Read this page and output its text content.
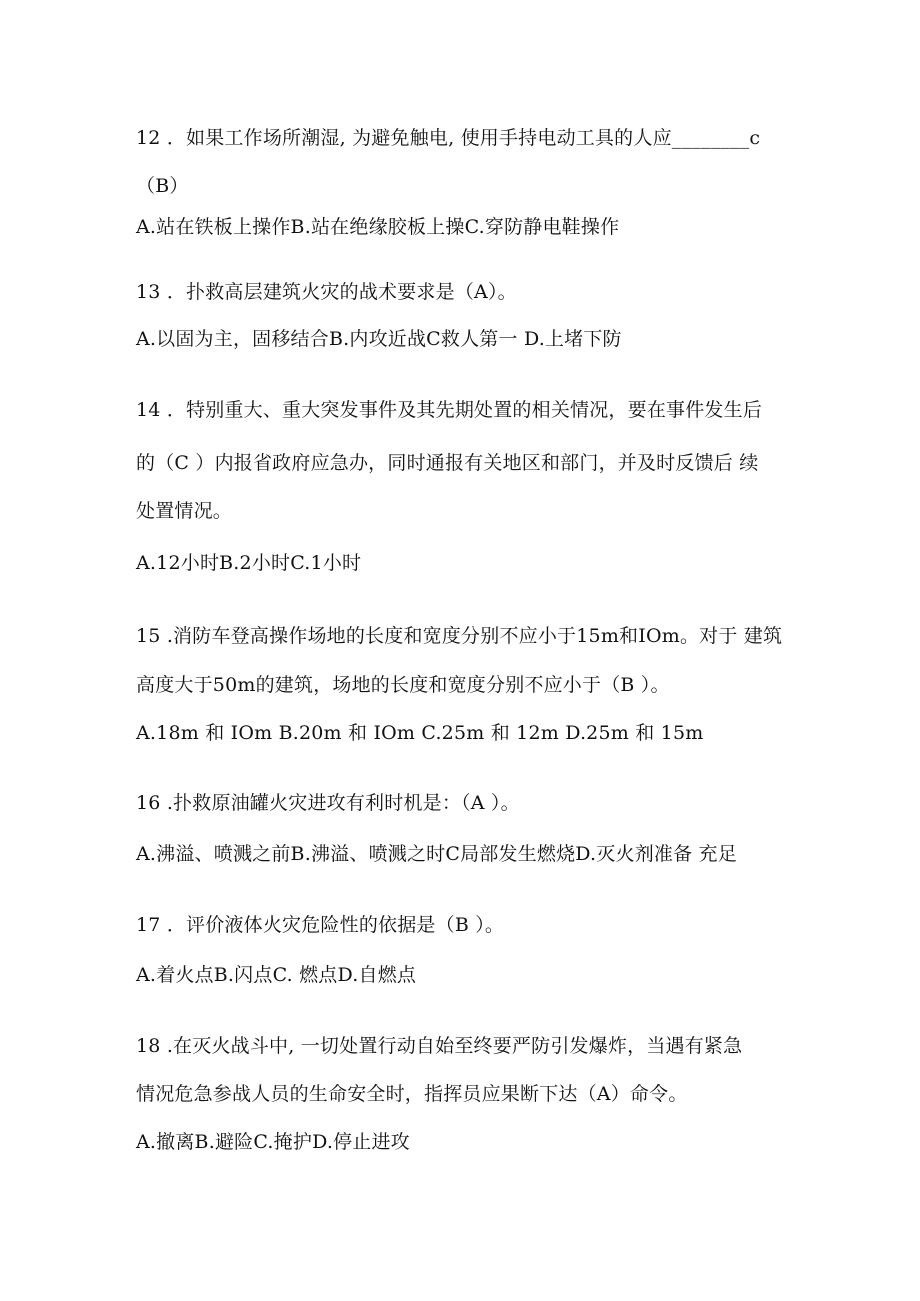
12 ．如果工作场所潮湿, 为避免触电, 使用手持电动工具的人应________c
（B）
A.站在铁板上操作B.站在绝缘胶板上操C.穿防静电鞋操作
13 ．扑救高层建筑火灾的战术要求是（A）。
A.以固为主，固移结合B.内攻近战C救人第一 D.上堵下防
14 ．特别重大、重大突发事件及其先期处置的相关情况，要在事件发生后
的（C ）内报省政府应急办，同时通报有关地区和部门，并及时反馈后 续
处置情况。
A.12小时B.2小时C.1小时
15 .消防车登高操作场地的长度和宽度分别不应小于15m和IOm。对于 建筑
高度大于50m的建筑，场地的长度和宽度分别不应小于（B ）。
A.18m 和 IOm B.20m 和 IOm C.25m 和 12m D.25m 和 15m
16 .扑救原油罐火灾进攻有利时机是：（A ）。
A.沸溢、喷溅之前B.沸溢、喷溅之时C局部发生燃烧D.灭火剂准备 充足
17 ．评价液体火灾危险性的依据是（B ）。
A.着火点B.闪点C. 燃点D.自燃点
18 .在灭火战斗中, 一切处置行动自始至终要严防引发爆炸，当遇有紧急
情况危急参战人员的生命安全时，指挥员应果断下达（A）命令。
A.撤离B.避险C.掩护D.停止进攻
